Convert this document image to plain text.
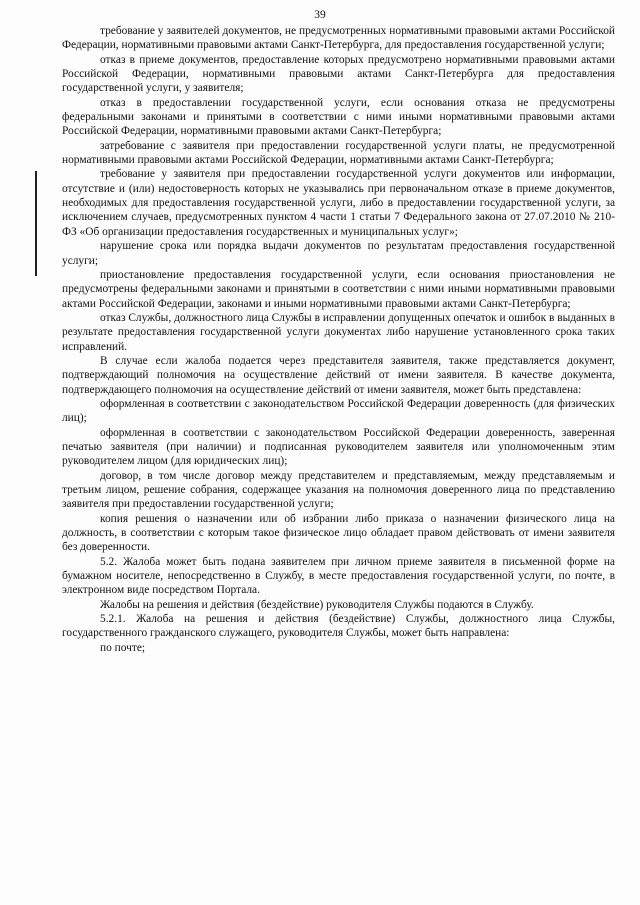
39

требование у заявителей документов, не предусмотренных нормативными правовыми актами Российской Федерации, нормативными правовыми актами Санкт-Петербурга, для предоставления государственной услуги;

отказ в приеме документов, предоставление которых предусмотрено нормативными правовыми актами Российской Федерации, нормативными правовыми актами Санкт-Петербурга для предоставления государственной услуги, у заявителя;

отказ в предоставлении государственной услуги, если основания отказа не предусмотрены федеральными законами и принятыми в соответствии с ними иными нормативными правовыми актами Российской Федерации, нормативными правовыми актами Санкт-Петербурга;

затребование с заявителя при предоставлении государственной услуги платы, не предусмотренной нормативными правовыми актами Российской Федерации, нормативными актами Санкт-Петербурга;

требование у заявителя при предоставлении государственной услуги документов или информации, отсутствие и (или) недостоверность которых не указывались при первоначальном отказе в приеме документов, необходимых для предоставления государственной услуги, либо в предоставлении государственной услуги, за исключением случаев, предусмотренных пунктом 4 части 1 статьи 7 Федерального закона от 27.07.2010 № 210-ФЗ «Об организации предоставления государственных и муниципальных услуг»;

нарушение срока или порядка выдачи документов по результатам предоставления государственной услуги;

приостановление предоставления государственной услуги, если основания приостановления не предусмотрены федеральными законами и принятыми в соответствии с ними иными нормативными правовыми актами Российской Федерации, законами и иными нормативными правовыми актами Санкт-Петербурга;

отказ Службы, должностного лица Службы в исправлении допущенных опечаток и ошибок в выданных в результате предоставления государственной услуги документах либо нарушение установленного срока таких исправлений.

В случае если жалоба подается через представителя заявителя, также представляется документ, подтверждающий полномочия на осуществление действий от имени заявителя. В качестве документа, подтверждающего полномочия на осуществление действий от имени заявителя, может быть представлена:

оформленная в соответствии с законодательством Российской Федерации доверенность (для физических лиц);

оформленная в соответствии с законодательством Российской Федерации доверенность, заверенная печатью заявителя (при наличии) и подписанная руководителем заявителя или уполномоченным этим руководителем лицом (для юридических лиц);

договор, в том числе договор между представителем и представляемым, между представляемым и третьим лицом, решение собрания, содержащее указания на полномочия доверенного лица по представлению заявителя при предоставлении государственной услуги;

копия решения о назначении или об избрании либо приказа о назначении физического лица на должность, в соответствии с которым такое физическое лицо обладает правом действовать от имени заявителя без доверенности.

5.2. Жалоба может быть подана заявителем при личном приеме заявителя в письменной форме на бумажном носителе, непосредственно в Службу, в месте предоставления государственной услуги, по почте, в электронном виде посредством Портала.

Жалобы на решения и действия (бездействие) руководителя Службы подаются в Службу.

5.2.1. Жалоба на решения и действия (бездействие) Службы, должностного лица Службы, государственного гражданского служащего, руководителя Службы, может быть направлена:

по почте;
